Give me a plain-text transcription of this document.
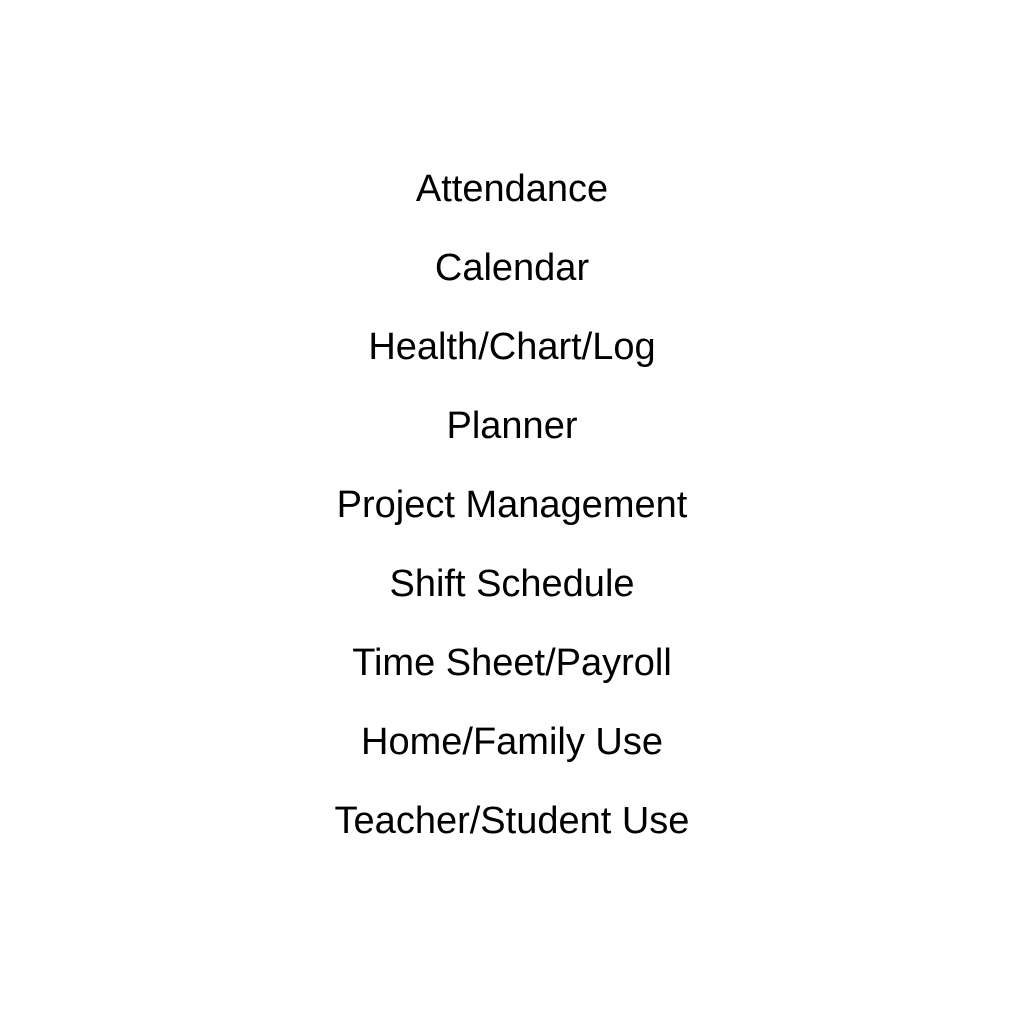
Attendance
Calendar
Health/Chart/Log
Planner
Project Management
Shift Schedule
Time Sheet/Payroll
Home/Family Use
Teacher/Student Use
